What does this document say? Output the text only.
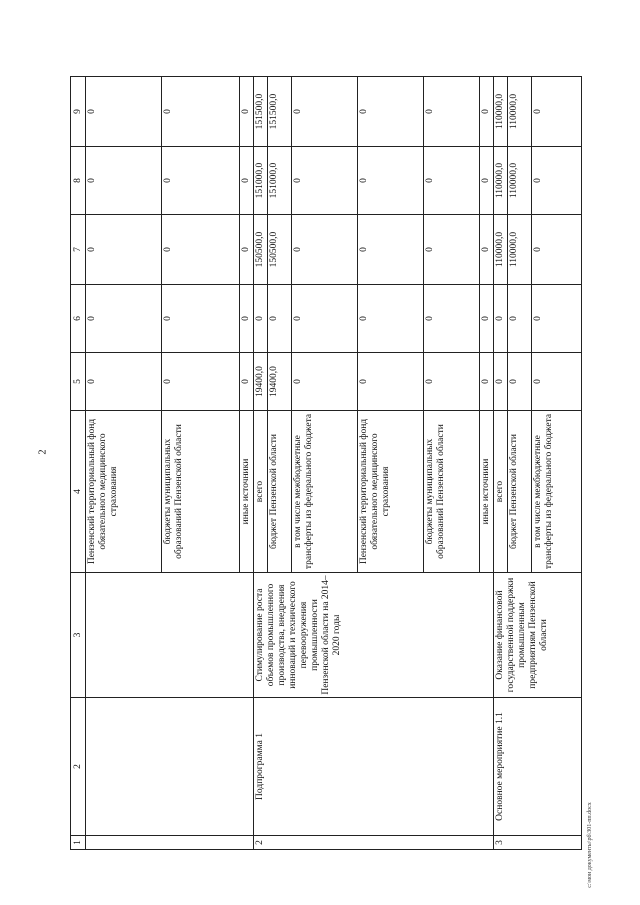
2
c:\мои документы\рб\301-пп.docx
1	2	3	4	5	6	7	8	9
			Пензенский территориальный фонд обязательного медицинского страхования	0	0	0	0	0
			бюджеты муниципальных образований Пензенской области	0	0	0	0	0
			иные источники	0	0	0	0	0
2	Подпрограмма 1	Стимулирование роста объемов промышленного производства, внедрения инноваций и технического перевооружения промышленности Пензенской области на 2014–2020 годы	всего	19400,0	0	150500,0	151000,0	151500,0
			бюджет Пензенской области	19400,0	0	150500,0	151000,0	151500,0
			в том числе межбюджетные трансферты из федерального бюджета	0	0	0	0	0
			Пензенский территориальный фонд обязательного медицинского страхования	0	0	0	0	0
			бюджеты муниципальных образований Пензенской области	0	0	0	0	0
			иные источники	0	0	0	0	0
3	Основное мероприятие 1.1	Оказание финансовой государственной поддержки промышленным предприятиям Пензенской области	всего	0	0	110000,0	110000,0	110000,0
			бюджет Пензенской области	0	0	110000,0	110000,0	110000,0
			в том числе межбюджетные трансферты из федерального бюджета	0	0	0	0	0
